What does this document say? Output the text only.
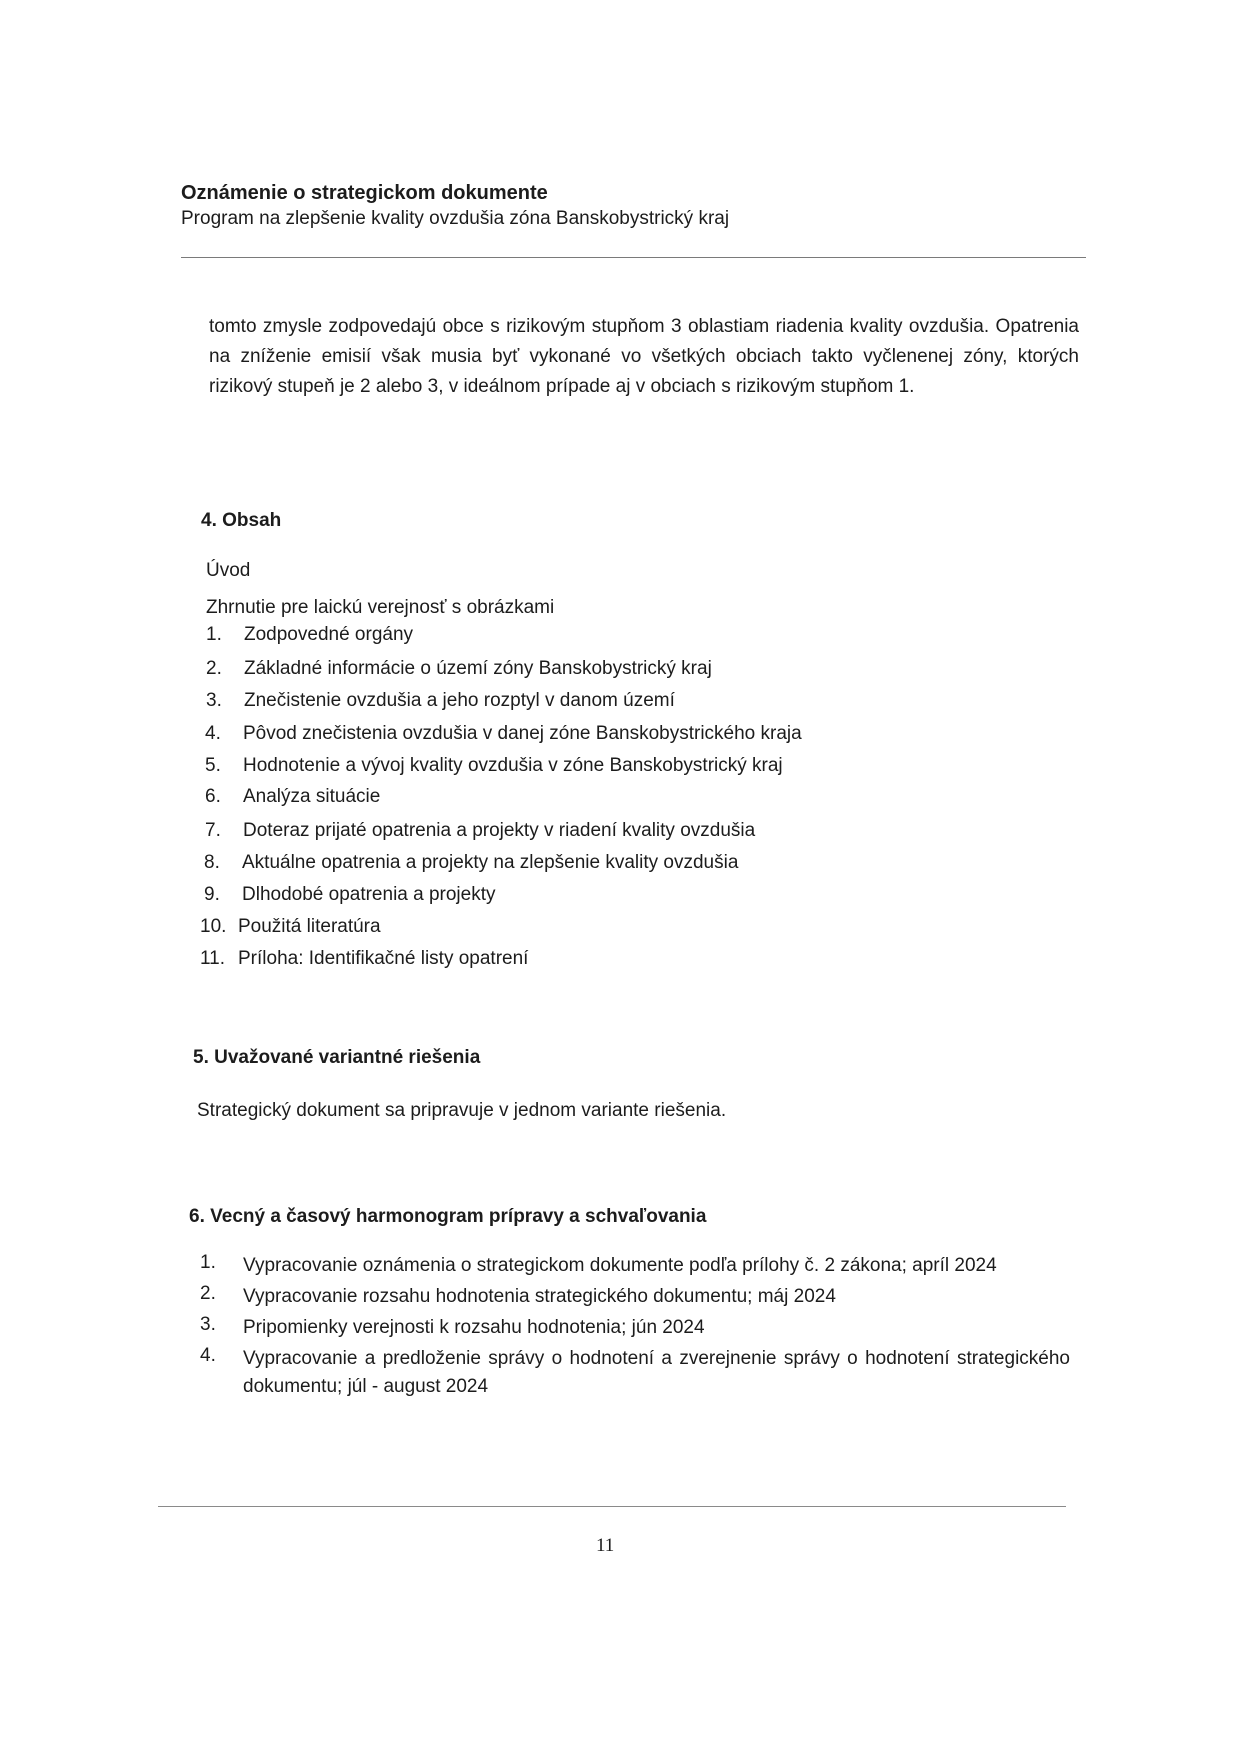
Oznámenie o strategickom dokumente
Program na zlepšenie kvality ovzdušia zóna Banskobystrický kraj
tomto zmysle zodpovedajú obce s rizikovým stupňom 3 oblastiam riadenia kvality ovzdušia. Opatrenia na zníženie emisií však musia byť vykonané vo všetkých obciach takto vyčlenenej zóny, ktorých rizikový stupeň je 2 alebo 3, v ideálnom prípade aj v obciach s rizikovým stupňom 1.
4. Obsah
Úvod
Zhrnutie pre laickú verejnosť s obrázkami
1.	Zodpovedné orgány
2.	Základné informácie o území zóny Banskobystrický kraj
3.	Znečistenie ovzdušia a jeho rozptyl v danom území
4.	Pôvod znečistenia ovzdušia v danej zóne Banskobystrického kraja
5.	Hodnotenie a vývoj kvality ovzdušia v zóne Banskobystrický kraj
6.	Analýza situácie
7.	Doteraz prijaté opatrenia a projekty v riadení kvality ovzdušia
8.	Aktuálne opatrenia a projekty na zlepšenie kvality ovzdušia
9.	Dlhodobé opatrenia a projekty
10. Použitá literatúra
11. Príloha: Identifikačné listy opatrení
5. Uvažované variantné riešenia
Strategický dokument sa pripravuje v jednom variante riešenia.
6. Vecný a časový harmonogram prípravy a schvaľovania
1.	Vypracovanie oznámenia o strategickom dokumente podľa prílohy č. 2 zákona; apríl 2024
2.	Vypracovanie rozsahu hodnotenia strategického dokumentu; máj 2024
3.	Pripomienky verejnosti k rozsahu hodnotenia; jún 2024
4.	Vypracovanie a predloženie správy o hodnotení a zverejnenie správy o hodnotení strategického dokumentu; júl - august 2024
11
